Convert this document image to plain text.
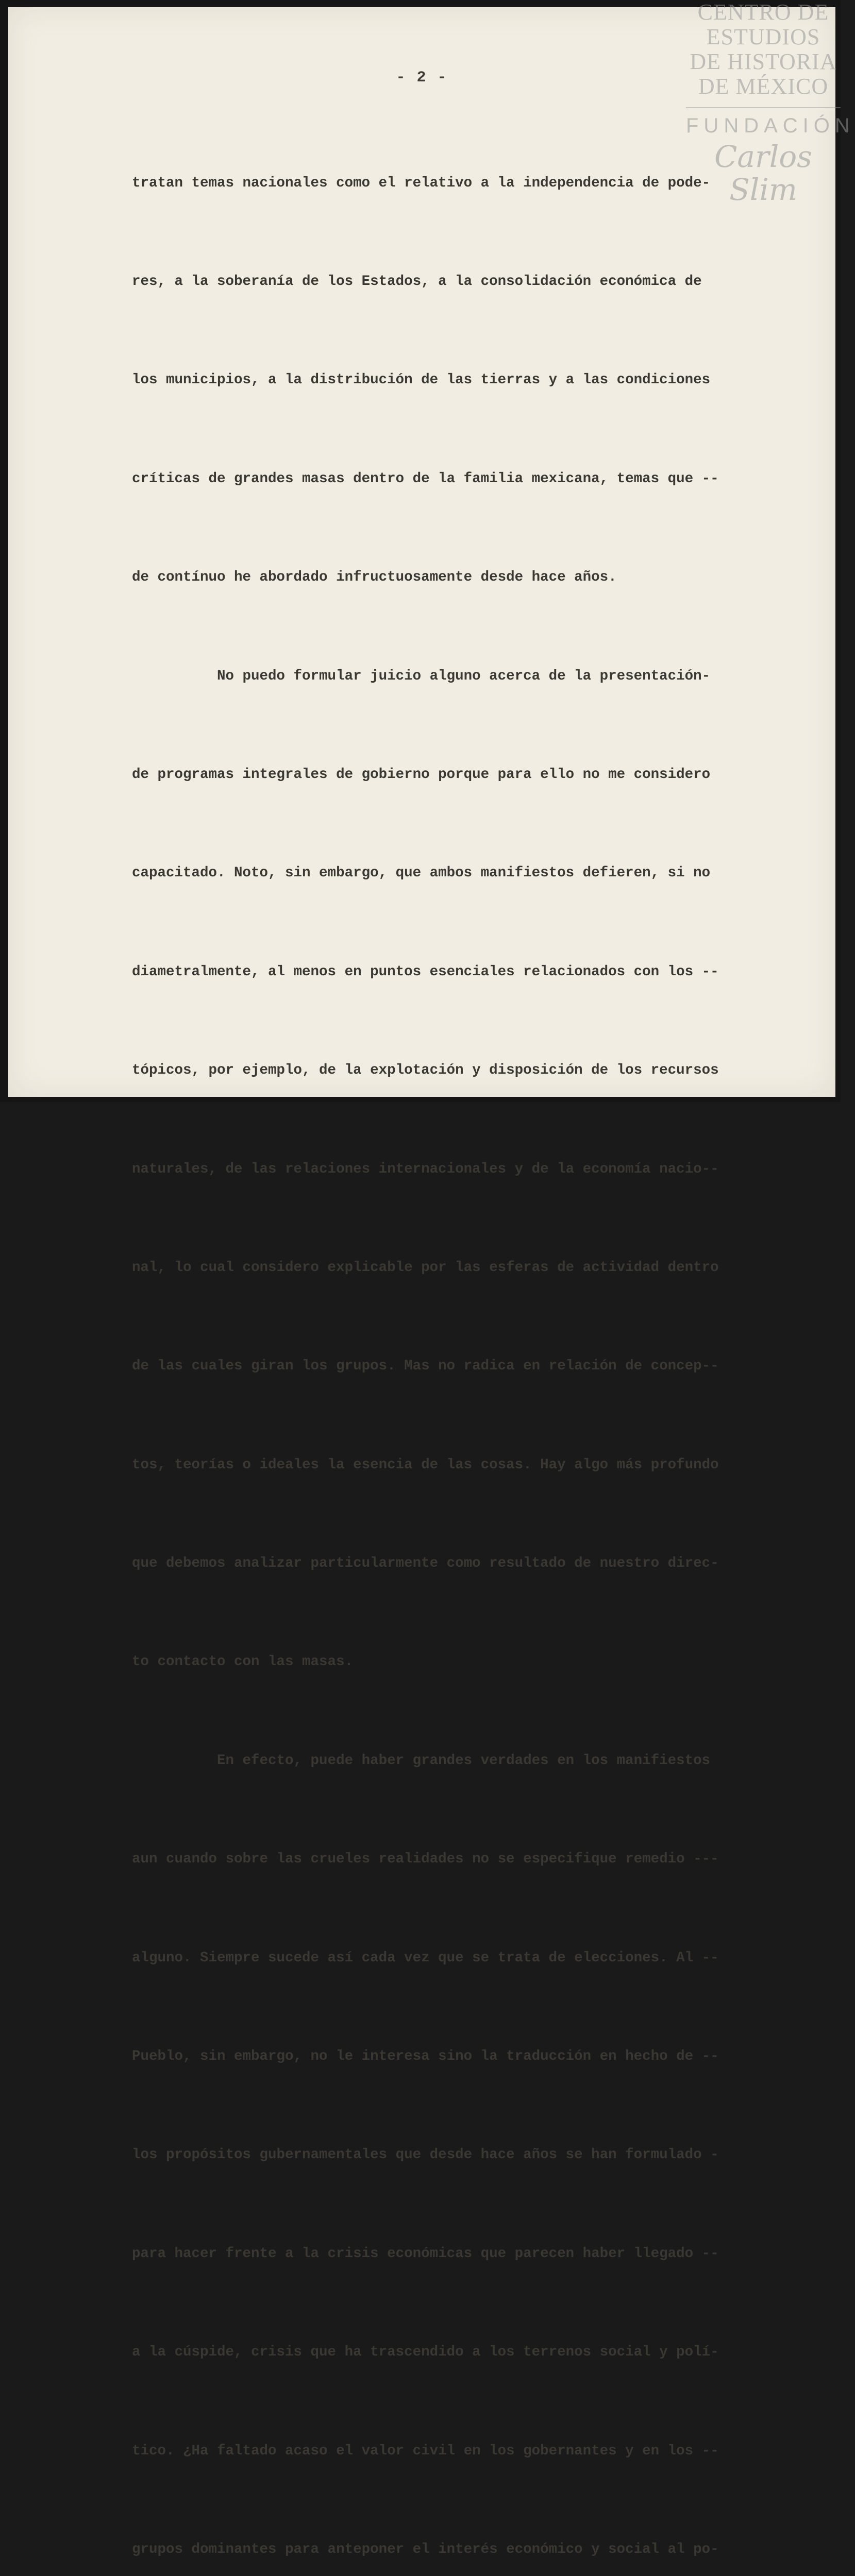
- 2 -

tratan temas nacionales como el relativo a la independencia de pode-

res, a la soberanía de los Estados, a la consolidación económica de

los municipios, a la distribución de las tierras y a las condiciones

críticas de grandes masas dentro de la familia mexicana, temas que --

de contínuo he abordado infructuosamente desde hace años.

No puedo formular juicio alguno acerca de la presentación-

de programas integrales de gobierno porque para ello no me considero

capacitado. Noto, sin embargo, que ambos manifiestos defieren, si no

diametralmente, al menos en puntos esenciales relacionados con los --

tópicos, por ejemplo, de la explotación y disposición de los recursos

naturales, de las relaciones internacionales y de la economía nacio--

nal, lo cual considero explicable por las esferas de actividad dentro

de las cuales giran los grupos. Mas no radica en relación de concep--

tos, teorías o ideales la esencia de las cosas. Hay algo más profundo

que debemos analizar particularmente como resultado de nuestro direc-

to contacto con las masas.

En efecto, puede haber grandes verdades en los manifiestos

aun cuando sobre las crueles realidades no se especifique remedio ---

alguno. Siempre sucede así cada vez que se trata de elecciones. Al --

Pueblo, sin embargo, no le interesa sino la traducción en hecho de --

los propósitos gubernamentales que desde hace años se han formulado -

para hacer frente a la crisis económicas que parecen haber llegado --

a la cúspide, crisis que ha trascendido a los terrenos social y polí-

tico. ¿Ha faltado acaso el valor civil en los gobernantes y en los --

grupos dominantes para anteponer el interés económico y social al po-

CENTRO DE
ESTUDIOS
DE HISTORIA
DE MÉXICO
FUNDACIÓN
Carlos Slim
